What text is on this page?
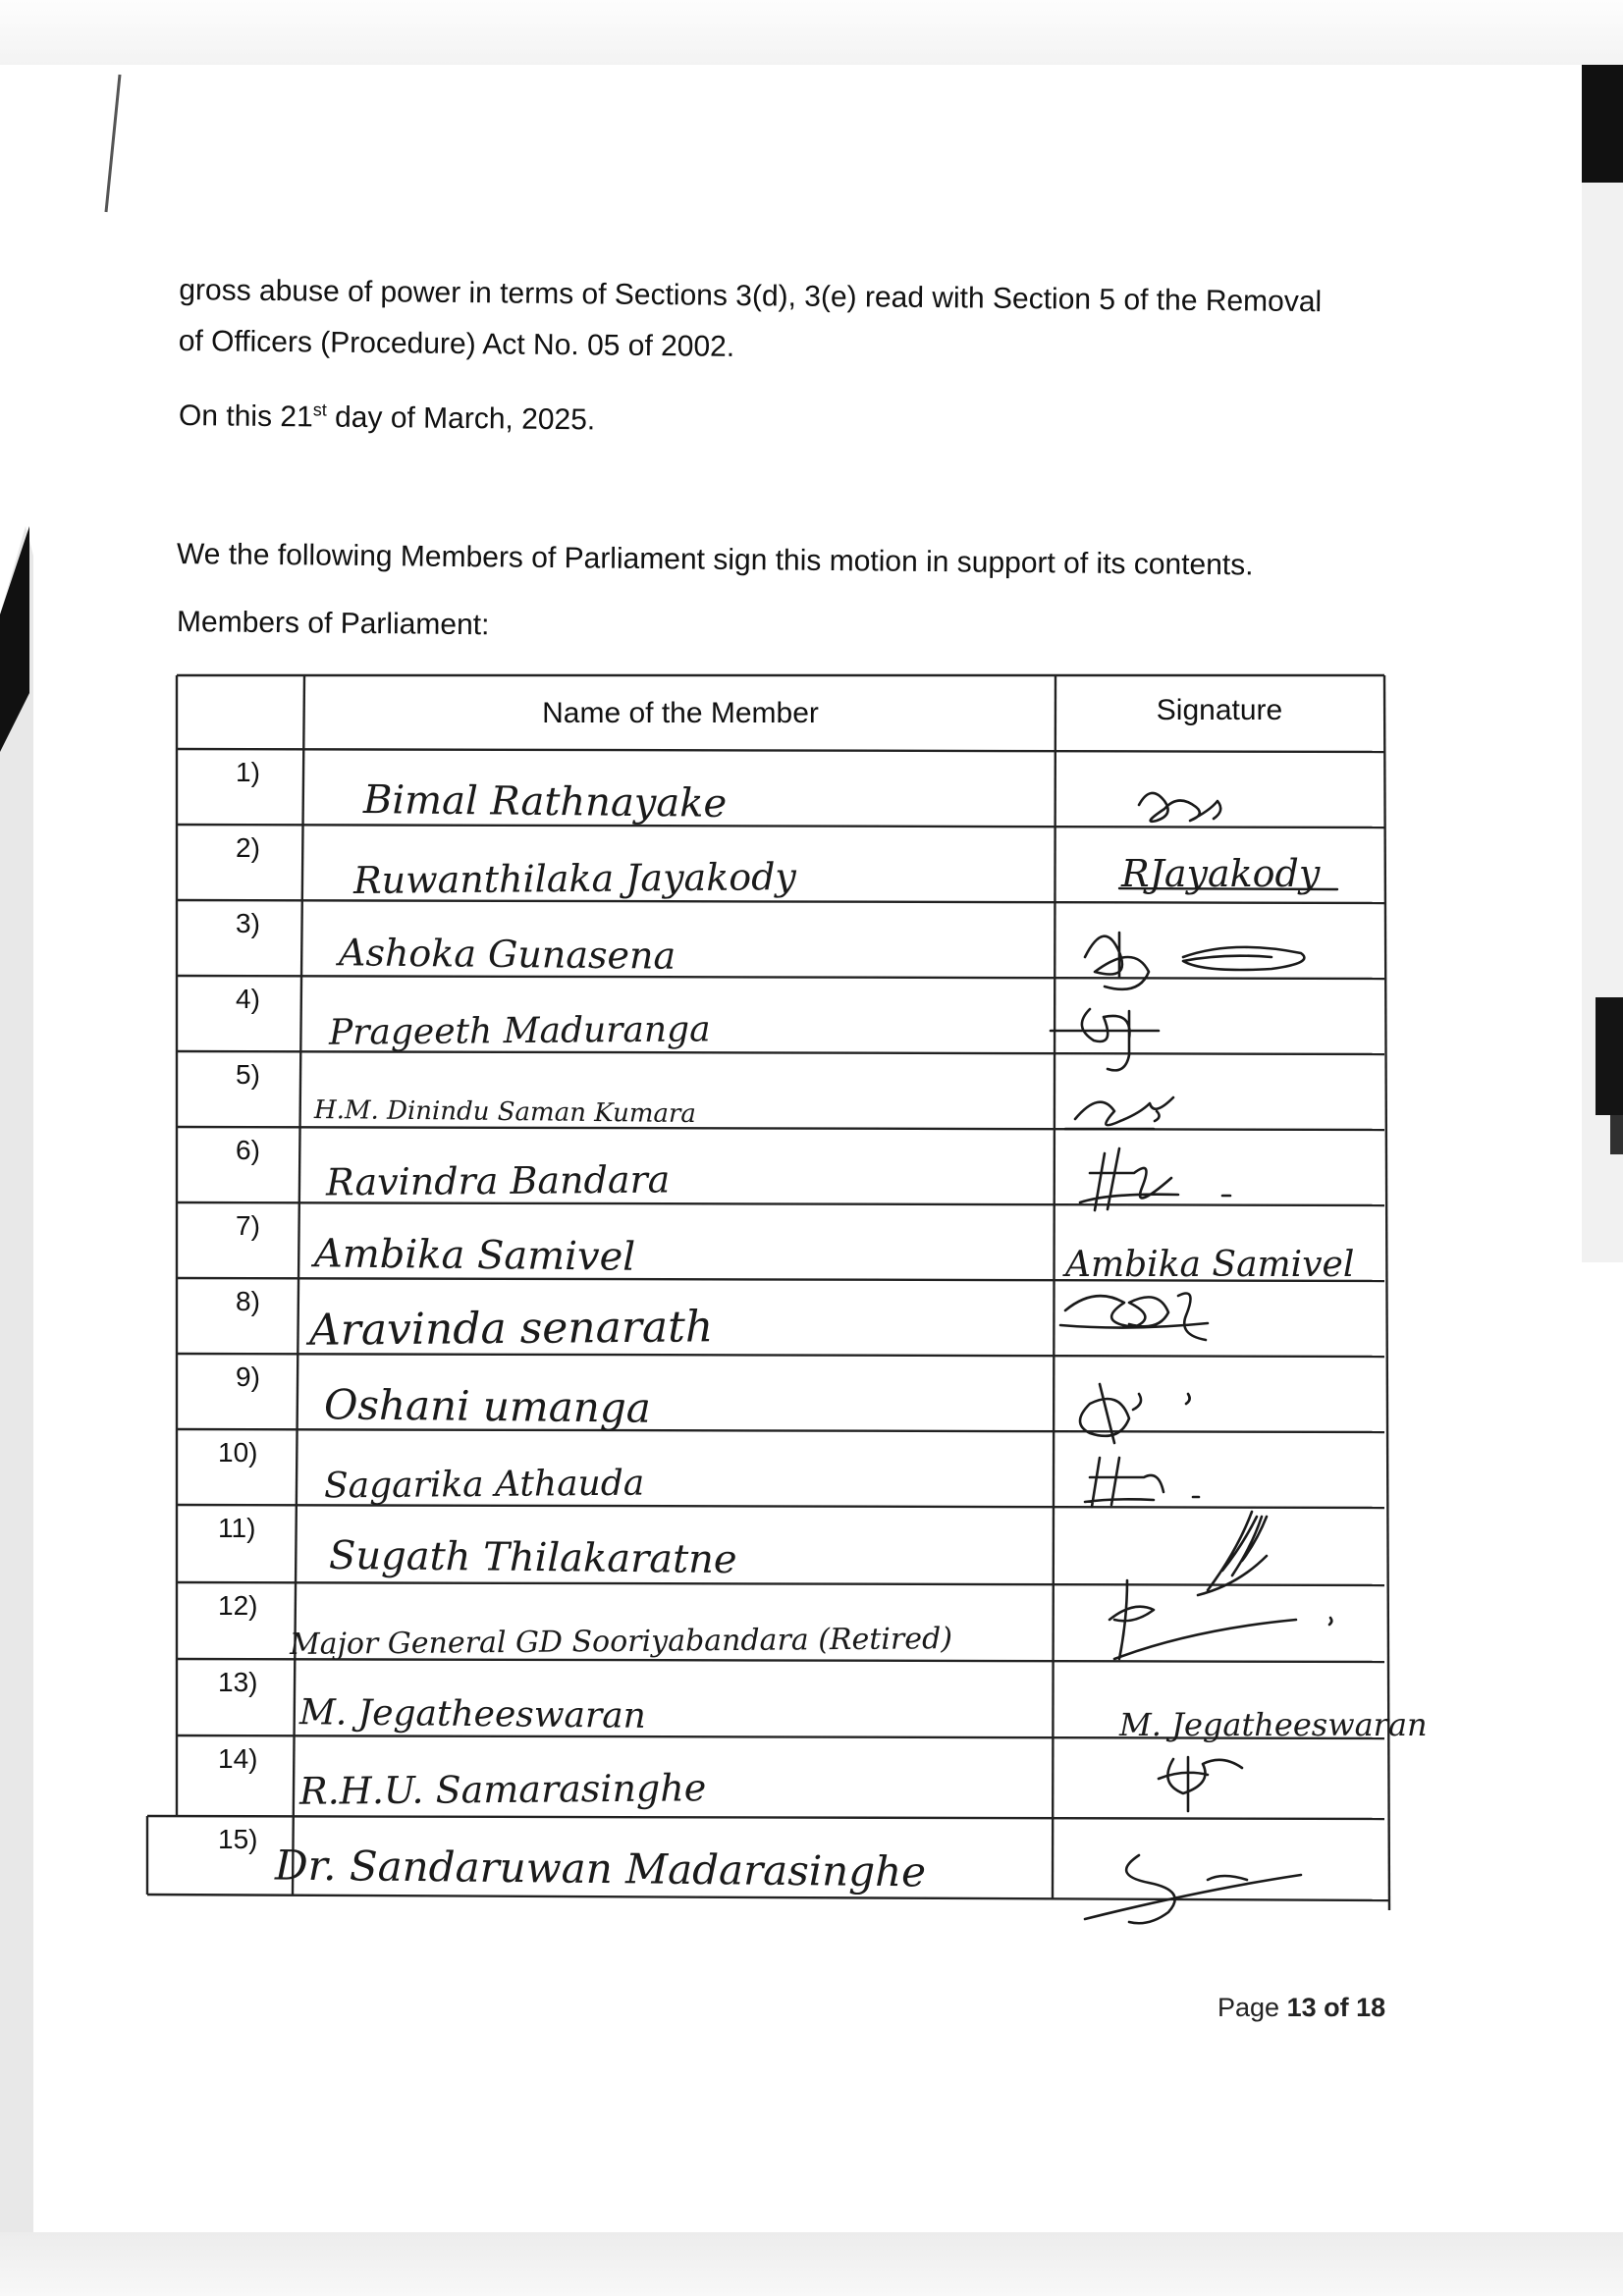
gross abuse of power in terms of Sections 3(d), 3(e) read with Section 5 of the Removal
of Officers (Procedure) Act No. 05 of 2002.
On this 21st day of March, 2025.
We the following Members of Parliament sign this motion in support of its contents.
Members of Parliament:
Name of the Member	Signature
1)
2)
3)
4)
5)
6)
7)
8)
9)
10)
11)
12)
13)
14)
15)
RJayakody
Ambika Samivel
M. Jegatheeswaran
Bimal Rathnayake
Ruwanthilaka Jayakody
Ashoka Gunasena
Prageeth Maduranga
H.M. Dinindu Saman Kumara
Ravindra Bandara
Ambika Samivel
Aravinda senarath
Oshani umanga
Sagarika Athauda
Sugath Thilakaratne
Major General GD Sooriyabandara (Retired)
M. Jegatheeswaran
R.H.U. Samarasinghe
Dr. Sandaruwan Madarasinghe
Page 13 of 18
